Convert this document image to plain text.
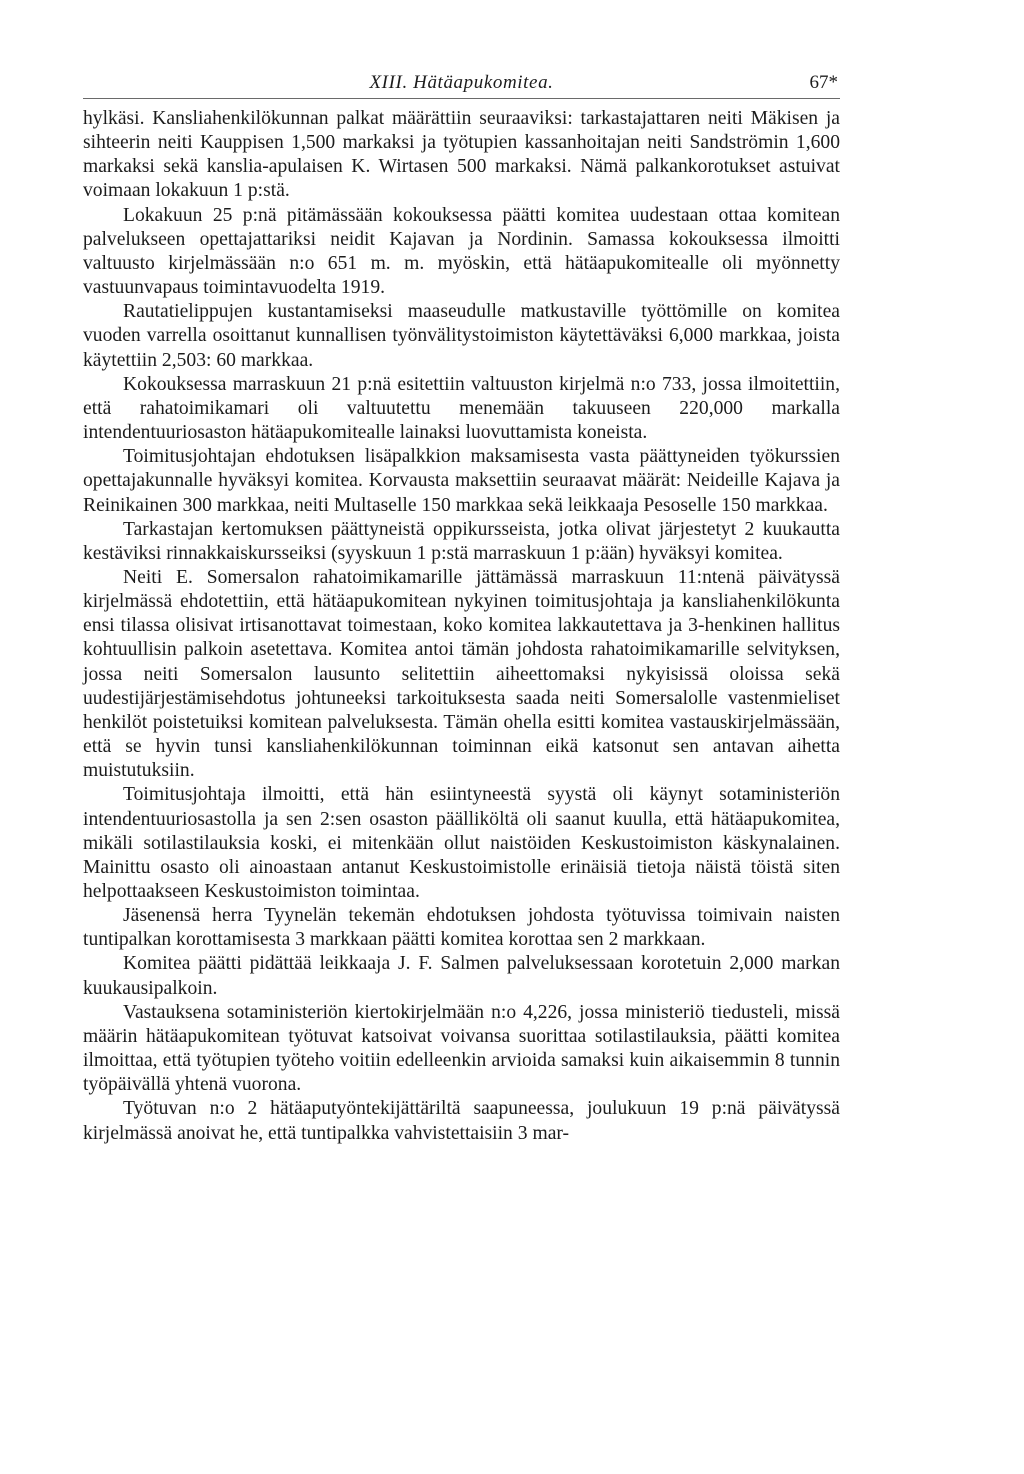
XIII. Hätäapukomitea.	67*

hylkäsi. Kansliahenkilökunnan palkat määrättiin seuraaviksi: tarkastajattaren neiti Mäkisen ja sihteerin neiti Kauppisen 1,500 markaksi ja työtupien kassanhoitajan neiti Sandströmin 1,600 markaksi sekä kanslia-apulaisen K. Wirtasen 500 markaksi. Nämä palkankorotukset astuivat voimaan lokakuun 1 p:stä.

Lokakuun 25 p:nä pitämässään kokouksessa päätti komitea uudestaan ottaa komitean palvelukseen opettajattariksi neidit Kajavan ja Nordinin. Samassa kokouksessa ilmoitti valtuusto kirjelmässään n:o 651 m. m. myöskin, että hätäapukomitealle oli myönnetty vastuunvapaus toimintavuodelta 1919.

Rautatielippujen kustantamiseksi maaseudulle matkustaville työttömille on komitea vuoden varrella osoittanut kunnallisen työnvälitystoimiston käytettäväksi 6,000 markkaa, joista käytettiin 2,503: 60 markkaa.

Kokouksessa marraskuun 21 p:nä esitettiin valtuuston kirjelmä n:o 733, jossa ilmoitettiin, että rahatoimikamari oli valtuutettu menemään takuuseen 220,000 markalla intendentuuriosaston hätäapukomitealle lainaksi luovuttamista koneista.

Toimitusjohtajan ehdotuksen lisäpalkkion maksamisesta vasta päättyneiden työkurssien opettajakunnalle hyväksyi komitea. Korvausta maksettiin seuraavat määrät: Neideille Kajava ja Reinikainen 300 markkaa, neiti Multaselle 150 markkaa sekä leikkaaja Pesoselle 150 markkaa.

Tarkastajan kertomuksen päättyneistä oppikursseista, jotka olivat järjestetyt 2 kuukautta kestäviksi rinnakkaiskursseiksi (syyskuun 1 p:stä marraskuun 1 p:ään) hyväksyi komitea.

Neiti E. Somersalon rahatoimikamarille jättämässä marraskuun 11:ntenä päivätyssä kirjelmässä ehdotettiin, että hätäapukomitean nykyinen toimitusjohtaja ja kansliahenkilökunta ensi tilassa olisivat irtisanottavat toimestaan, koko komitea lakkautettava ja 3-henkinen hallitus kohtuullisin palkoin asetettava. Komitea antoi tämän johdosta rahatoimikamarille selvityksen, jossa neiti Somersalon lausunto selitettiin aiheettomaksi nykyisissä oloissa sekä uudestijärjestämisehdotus johtuneeksi tarkoituksesta saada neiti Somersalolle vastenmieliset henkilöt poistetuiksi komitean palveluksesta. Tämän ohella esitti komitea vastauskirjelmässään, että se hyvin tunsi kansliahenkilökunnan toiminnan eikä katsonut sen antavan aihetta muistutuksiin.

Toimitusjohtaja ilmoitti, että hän esiintyneestä syystä oli käynyt sotaministeriön intendentuuriosastolla ja sen 2:sen osaston päälliköltä oli saanut kuulla, että hätäapukomitea, mikäli sotilastilauksia koski, ei mitenkään ollut naistöiden Keskustoimiston käskynalainen. Mainittu osasto oli ainoastaan antanut Keskustoimistolle erinäisiä tietoja näistä töistä siten helpottaakseen Keskustoimiston toimintaa.

Jäsenensä herra Tyynelän tekemän ehdotuksen johdosta työtuvissa toimivain naisten tuntipalkan korottamisesta 3 markkaan päätti komitea korottaa sen 2 markkaan.

Komitea päätti pidättää leikkaaja J. F. Salmen palveluksessaan korotetuin 2,000 markan kuukausipalkoin.

Vastauksena sotaministeriön kiertokirjelmään n:o 4,226, jossa ministeriö tiedusteli, missä määrin hätäapukomitean työtuvat katsoivat voivansa suorittaa sotilastilauksia, päätti komitea ilmoittaa, että työtupien työteho voitiin edelleenkin arvioida samaksi kuin aikaisemmin 8 tunnin työpäivällä yhtenä vuorona.

Työtuvan n:o 2 hätäaputyöntekijättäriltä saapuneessa, joulukuun 19 p:nä päivätyssä kirjelmässä anoivat he, että tuntipalkka vahvistettaisiin 3 mar-
